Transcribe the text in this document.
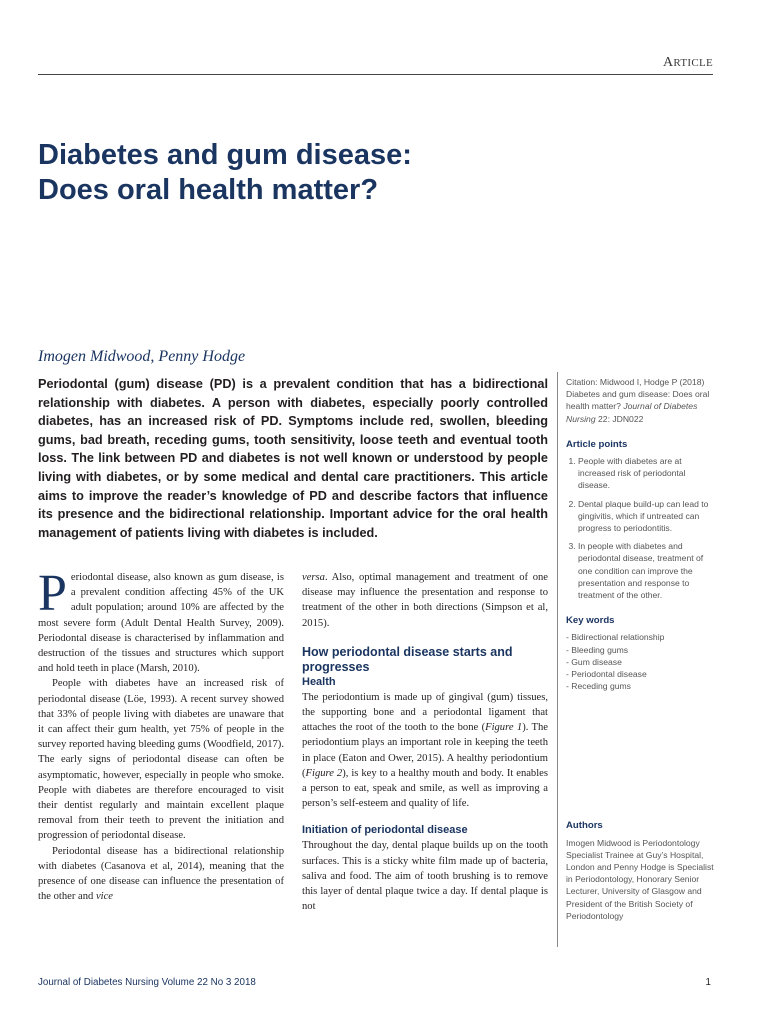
ARTICLE
Diabetes and gum disease:
Does oral health matter?
Imogen Midwood, Penny Hodge

Periodontal (gum) disease (PD) is a prevalent condition that has a bidirectional relationship with diabetes. A person with diabetes, especially poorly controlled diabetes, has an increased risk of PD. Symptoms include red, swollen, bleeding gums, bad breath, receding gums, tooth sensitivity, loose teeth and eventual tooth loss. The link between PD and diabetes is not well known or understood by people living with diabetes, or by some medical and dental care practitioners. This article aims to improve the reader’s knowledge of PD and describe factors that influence its presence and the bidirectional relationship. Important advice for the oral health management of patients living with diabetes is included.

Citation: Midwood I, Hodge P (2018) Diabetes and gum disease: Does oral health matter? Journal of Diabetes Nursing 22: JDN022
Article points
1. People with diabetes are at increased risk of periodontal disease.
2. Dental plaque build-up can lead to gingivitis, which if untreated can progress to periodontitis.
3. In people with diabetes and periodontal disease, treatment of one condition can improve the presentation and response to treatment of the other.
Key words
- Bidirectional relationship
- Bleeding gums
- Gum disease
- Periodontal disease
- Receding gums
Authors
Imogen Midwood is Periodontology Specialist Trainee at Guy’s Hospital, London and Penny Hodge is Specialist in Periodontology, Honorary Senior Lecturer, University of Glasgow and President of the British Society of Periodontology

Periodontal disease, also known as gum disease, is a prevalent condition affecting 45% of the UK adult population; around 10% are affected by the most severe form (Adult Dental Health Survey, 2009). Periodontal disease is characterised by inflammation and destruction of the tissues and structures which support and hold teeth in place (Marsh, 2010).

People with diabetes have an increased risk of periodontal disease (Löe, 1993). A recent survey showed that 33% of people living with diabetes are unaware that it can affect their gum health, yet 75% of people in the survey reported having bleeding gums (Woodfield, 2017). The early signs of periodontal disease can often be asymptomatic, however, especially in people who smoke. People with diabetes are therefore encouraged to visit their dentist regularly and maintain excellent plaque removal from their teeth to prevent the initiation and progression of periodontal disease.

Periodontal disease has a bidirectional relationship with diabetes (Casanova et al, 2014), meaning that the presence of one disease can influence the presentation of the other and vice

versa. Also, optimal management and treatment of one disease may influence the presentation and response to treatment of the other in both directions (Simpson et al, 2015).

How periodontal disease starts and progresses
Health

The periodontium is made up of gingival (gum) tissues, the supporting bone and a periodontal ligament that attaches the root of the tooth to the bone (Figure 1). The periodontium plays an important role in keeping the teeth in place (Eaton and Ower, 2015). A healthy periodontium (Figure 2), is key to a healthy mouth and body. It enables a person to eat, speak and smile, as well as improving a person’s self-esteem and quality of life.

Initiation of periodontal disease

Throughout the day, dental plaque builds up on the tooth surfaces. This is a sticky white film made up of bacteria, saliva and food. The aim of tooth brushing is to remove this layer of dental plaque twice a day. If dental plaque is not

Journal of Diabetes Nursing Volume 22 No 3 2018	1
